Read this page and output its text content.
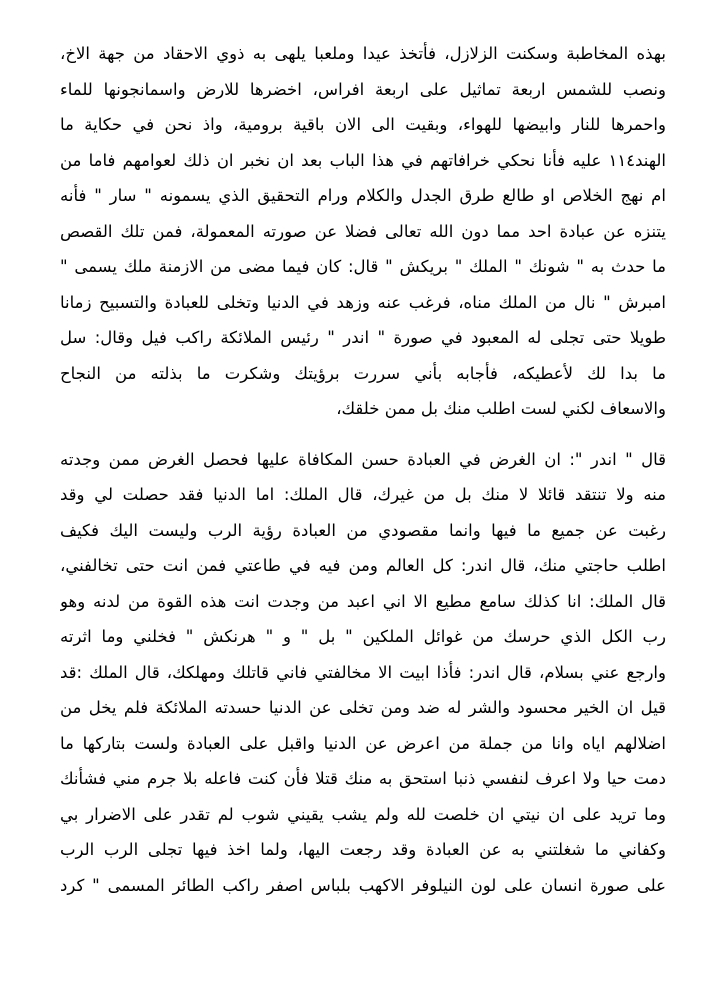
بهذه المخاطبة وسكنت الزلازل، فأتخذ عيدا وملعبا يلهى به ذوي الاحقاد من جهة الاخ،
ونصب للشمس اربعة تماثيل على اربعة افراس، اخضرها للارض واسمانجونها للماء
واحمرها للنار وابيضها للهواء، وبقيت الى الان باقية برومية، واذ نحن في حكاية ما
الهند١١٤ عليه فأنا نحكي خرافاتهم في هذا الباب بعد ان نخبر ان ذلك لعوامهم فاما من
ام نهج الخلاص او طالع طرق الجدل والكلام ورام التحقيق الذي يسمونه " سار " فأنه
يتنزه عن عبادة احد مما دون الله تعالى فضلا عن صورته المعمولة، فمن تلك القصص
ما حدث به " شونك " الملك " بريكش " قال: كان فيما مضى من الازمنة ملك يسمى "
امبرش " نال من الملك مناه، فرغب عنه وزهد في الدنيا وتخلى للعبادة والتسبيح زمانا
طويلا حتى تجلى له المعبود في صورة " اندر " رئيس الملائكة راكب فيل وقال: سل
ما بدا لك لأعطيكه، فأجابه بأني سررت برؤيتك وشكرت ما بذلته من النجاح
والاسعاف لكني لست اطلب منك بل ممن خلقك،
قال " اندر ": ان الغرض في العبادة حسن المكافاة عليها فحصل الغرض ممن وجدته
منه ولا تنتقد قائلا لا منك بل من غيرك، قال الملك: اما الدنيا فقد حصلت لي وقد
رغبت عن جميع ما فيها وانما مقصودي من العبادة رؤية الرب وليست اليك فكيف
اطلب حاجتي منك، قال اندر: كل العالم ومن فيه في طاعتي فمن انت حتى تخالفني،
قال الملك: انا كذلك سامع مطيع الا اني اعبد من وجدت انت هذه القوة من لدنه وهو
رب الكل الذي حرسك من غوائل الملكين " بل " و " هرنكش " فخلني وما اثرته
وارجع عني بسلام، قال اندر: فأذا ابيت الا مخالفتي فاني قاتلك ومهلكك، قال الملك :قد
قيل ان الخير محسود والشر له ضد ومن تخلى عن الدنيا حسدته الملائكة فلم يخل من
اضلالهم اياه وانا من جملة من اعرض عن الدنيا واقبل على العبادة ولست بتاركها ما
دمت حيا ولا اعرف لنفسي ذنبا استحق به منك قتلا فأن كنت فاعله بلا جرم مني فشأنك
وما تريد على ان نيتي ان خلصت لله ولم يشب يقيني شوب لم تقدر على الاضرار بي
وكفاني ما شغلتني به عن العبادة وقد رجعت اليها، ولما اخذ فيها تجلى الرب الرب
على صورة انسان على لون النيلوفر الاكهب بلباس اصفر راكب الطائر المسمى " كرد
